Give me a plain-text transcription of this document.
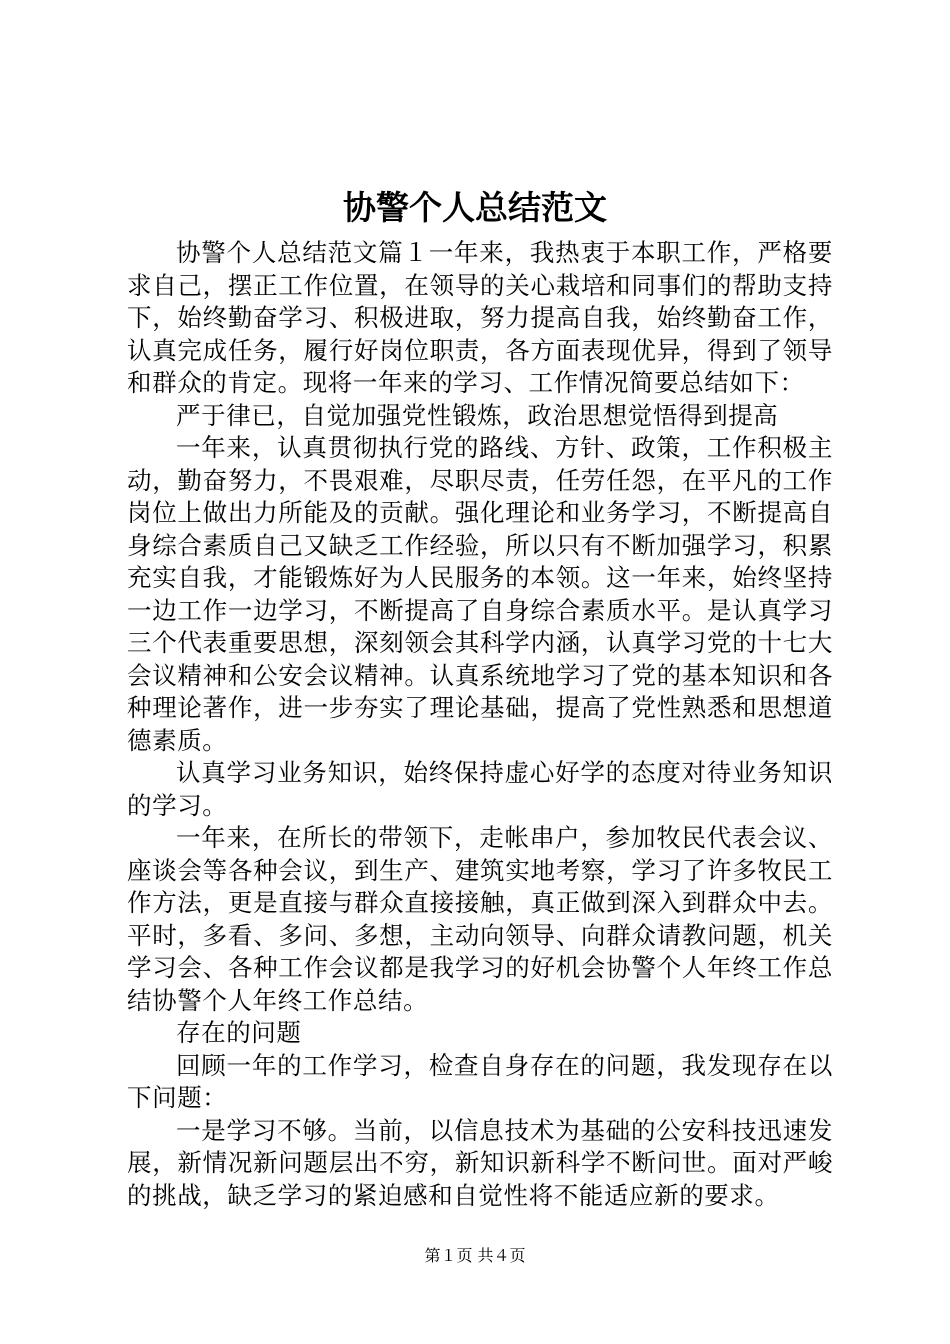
协警个人总结范文

协警个人总结范文篇１一年来，我热衷于本职工作，严格要求自己，摆正工作位置，在领导的关心栽培和同事们的帮助支持下，始终勤奋学习、积极进取，努力提高自我，始终勤奋工作，认真完成任务，履行好岗位职责，各方面表现优异，得到了领导和群众的肯定。现将一年来的学习、工作情况简要总结如下：

严于律已，自觉加强党性锻炼，政治思想觉悟得到提高

一年来，认真贯彻执行党的路线、方针、政策，工作积极主动，勤奋努力，不畏艰难，尽职尽责，任劳任怨，在平凡的工作岗位上做出力所能及的贡献。强化理论和业务学习，不断提高自身综合素质自己又缺乏工作经验，所以只有不断加强学习，积累充实自我，才能锻炼好为人民服务的本领。这一年来，始终坚持一边工作一边学习，不断提高了自身综合素质水平。是认真学习三个代表重要思想，深刻领会其科学内涵，认真学习党的十七大会议精神和公安会议精神。认真系统地学习了党的基本知识和各种理论著作，进一步夯实了理论基础，提高了党性熟悉和思想道德素质。

认真学习业务知识，始终保持虚心好学的态度对待业务知识的学习。

一年来，在所长的带领下，走帐串户，参加牧民代表会议、座谈会等各种会议，到生产、建筑实地考察，学习了许多牧民工作方法，更是直接与群众直接接触，真正做到深入到群众中去。平时，多看、多问、多想，主动向领导、向群众请教问题，机关学习会、各种工作会议都是我学习的好机会协警个人年终工作总结协警个人年终工作总结。

存在的问题

回顾一年的工作学习，检查自身存在的问题，我发现存在以下问题：

一是学习不够。当前，以信息技术为基础的公安科技迅速发展，新情况新问题层出不穷，新知识新科学不断问世。面对严峻的挑战，缺乏学习的紧迫感和自觉性将不能适应新的要求。

第１页 共４页
